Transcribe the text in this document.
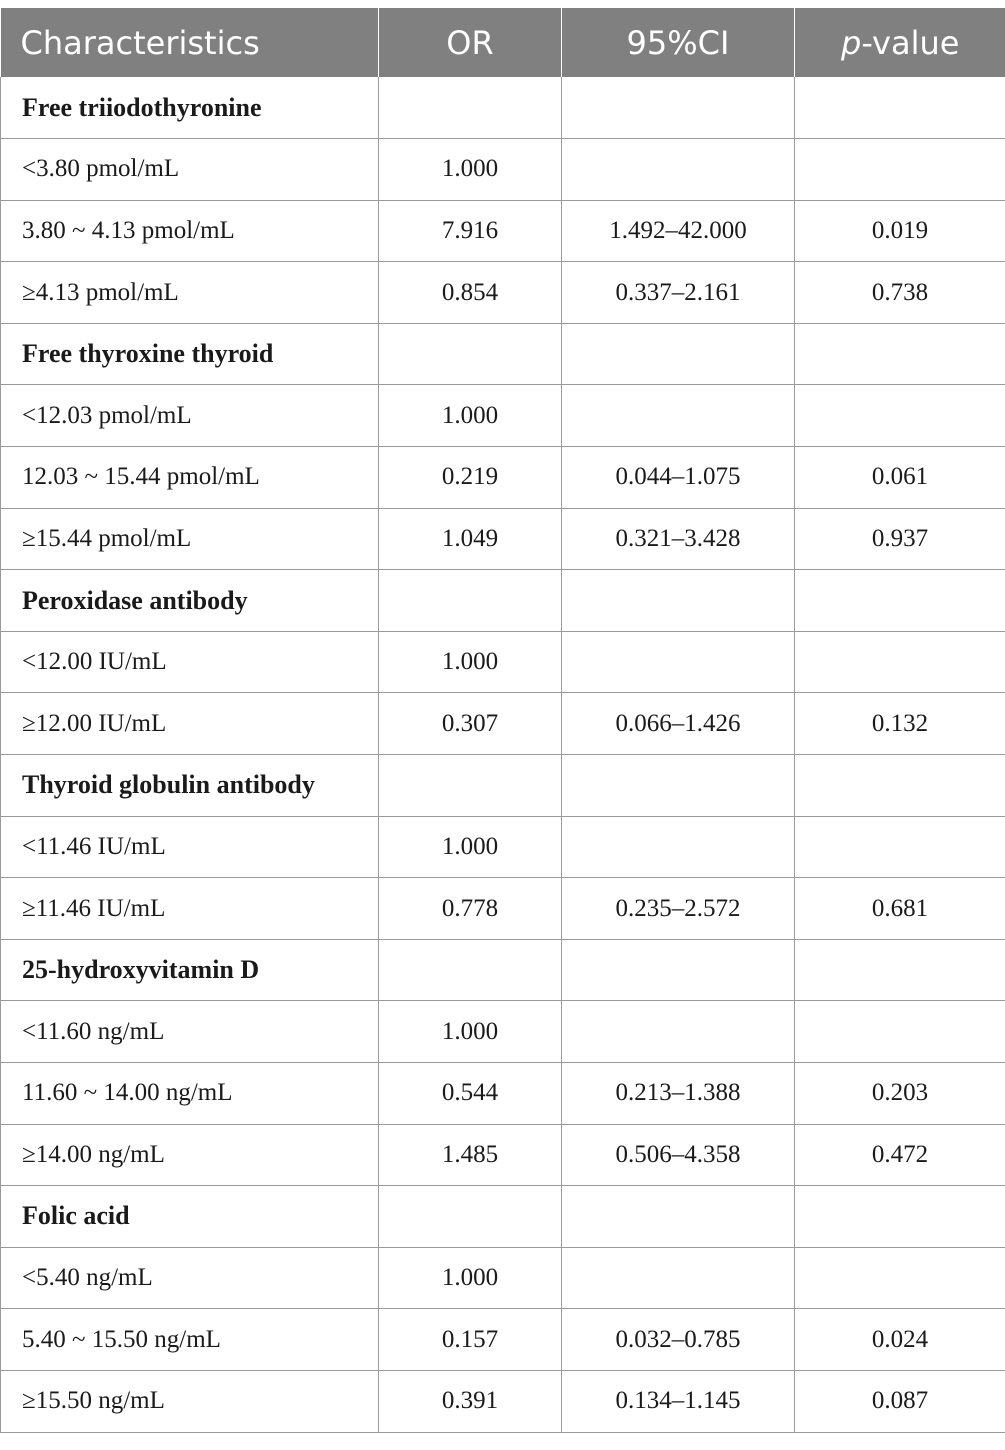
Characteristics	OR	95%CI	p-value
Free triiodothyronine			
<3.80 pmol/mL	1.000		
3.80 ~ 4.13 pmol/mL	7.916	1.492–42.000	0.019
≥4.13 pmol/mL	0.854	0.337–2.161	0.738
Free thyroxine thyroid			
<12.03 pmol/mL	1.000		
12.03 ~ 15.44 pmol/mL	0.219	0.044–1.075	0.061
≥15.44 pmol/mL	1.049	0.321–3.428	0.937
Peroxidase antibody			
<12.00 IU/mL	1.000		
≥12.00 IU/mL	0.307	0.066–1.426	0.132
Thyroid globulin antibody			
<11.46 IU/mL	1.000		
≥11.46 IU/mL	0.778	0.235–2.572	0.681
25-hydroxyvitamin D			
<11.60 ng/mL	1.000		
11.60 ~ 14.00 ng/mL	0.544	0.213–1.388	0.203
≥14.00 ng/mL	1.485	0.506–4.358	0.472
Folic acid			
<5.40 ng/mL	1.000		
5.40 ~ 15.50 ng/mL	0.157	0.032–0.785	0.024
≥15.50 ng/mL	0.391	0.134–1.145	0.087
